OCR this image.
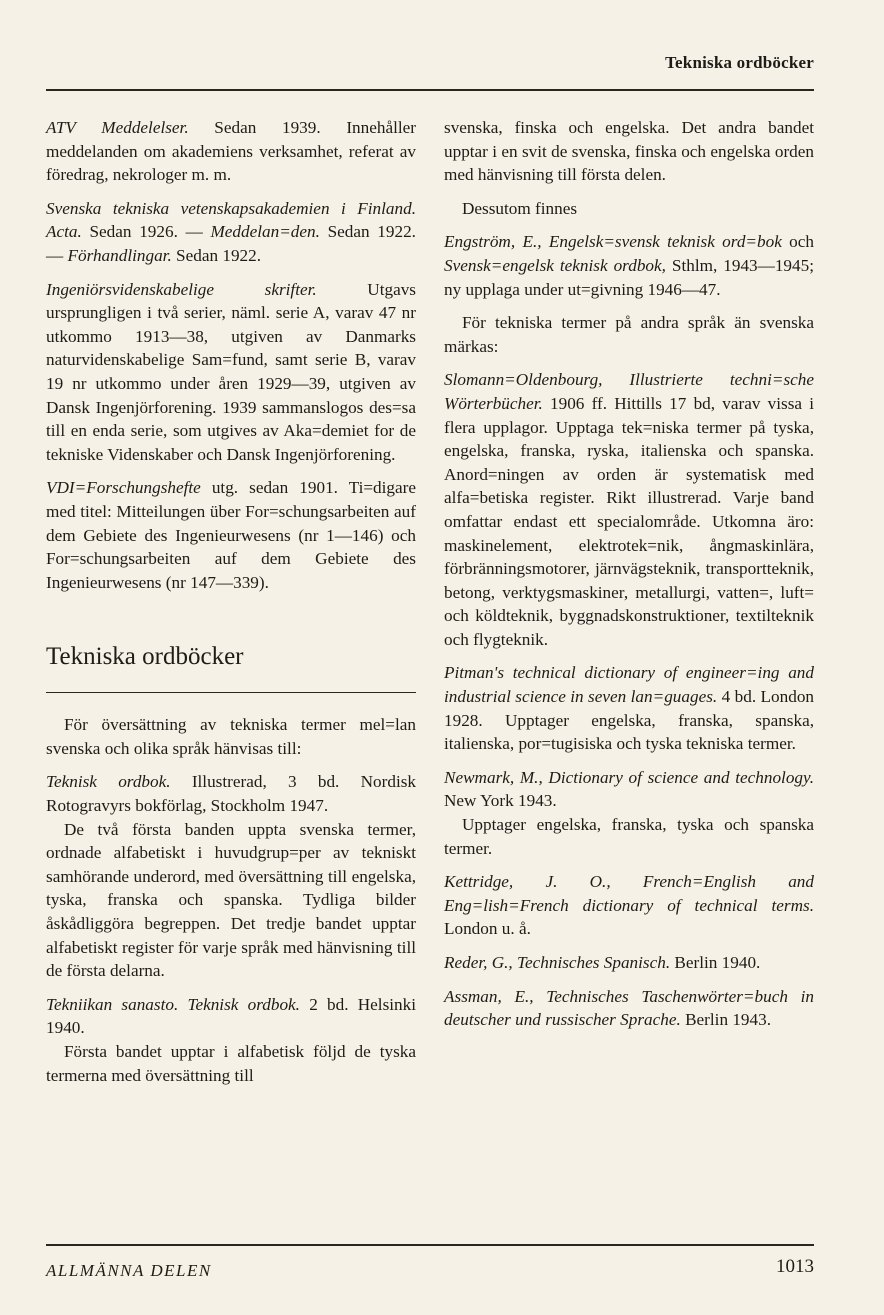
Tekniska ordböcker
ATV Meddelelser. Sedan 1939. Innehåller meddelanden om akademiens verksamhet, referat av föredrag, nekrologer m. m.
Svenska tekniska vetenskapsakademien i Finland. Acta. Sedan 1926. — Meddelan=den. Sedan 1922. — Förhandlingar. Sedan 1922.
Ingeniörsvidenskabelige skrifter. Utgavs ursprungligen i två serier, näml. serie A, varav 47 nr utkommo 1913—38, utgiven av Danmarks naturvidenskabelige Sam=fund, samt serie B, varav 19 nr utkommo under åren 1929—39, utgiven av Dansk Ingenjörforening. 1939 sammanslogos des=sa till en enda serie, som utgives av Aka=demiet for de tekniske Videnskaber och Dansk Ingenjörforening.
VDI=Forschungshefte utg. sedan 1901. Ti=digare med titel: Mitteilungen über For=schungsarbeiten auf dem Gebiete des Ingenieurwesens (nr 1—146) och For=schungsarbeiten auf dem Gebiete des Ingenieurwesens (nr 147—339).
Tekniska ordböcker
För översättning av tekniska termer mel=lan svenska och olika språk hänvisas till:

Teknisk ordbok. Illustrerad, 3 bd. Nordisk Rotogravyrs bokförlag, Stockholm 1947.

De två första banden uppta svenska termer, ordnade alfabetiskt i huvudgrup=per av tekniskt samhörande underord, med översättning till engelska, tyska, franska och spanska. Tydliga bilder åskådliggöra begreppen. Det tredje bandet upptar alfabetiskt register för varje språk med hänvisning till de första delarna.

Tekniikan sanasto. Teknisk ordbok. 2 bd. Helsinki 1940.

Första bandet upptar i alfabetisk följd de tyska termerna med översättning till

svenska, finska och engelska. Det andra bandet upptar i en svit de svenska, finska och engelska orden med hänvisning till första delen.
Dessutom finnes
Engström, E., Engelsk=svensk teknisk ord=bok och Svensk=engelsk teknisk ordbok, Sthlm, 1943—1945; ny upplaga under ut=givning 1946—47.
För tekniska termer på andra språk än svenska märkas:
Slomann=Oldenbourg, Illustrierte techni=sche Wörterbücher. 1906 ff. Hittills 17 bd, varav vissa i flera upplagor. Upptaga tek=niska termer på tyska, engelska, franska, ryska, italienska och spanska. Anord=ningen av orden är systematisk med alfa=betiska register. Rikt illustrerad. Varje band omfattar endast ett specialområde. Utkomna äro: maskinelement, elektrotek=nik, ångmaskinlära, förbränningsmotorer, järnvägsteknik, transportteknik, betong, verktygsmaskiner, metallurgi, vatten=, luft= och köldteknik, byggnadskonstruktioner, textilteknik och flygteknik.
Pitman's technical dictionary of engineer=ing and industrial science in seven lan=guages. 4 bd. London 1928. Upptager engelska, franska, spanska, italienska, por=tugisiska och tyska tekniska termer.

Newmark, M., Dictionary of science and technology. New York 1943.

Upptager engelska, franska, tyska och spanska termer.

Kettridge, J. O., French=English and Eng=lish=French dictionary of technical terms. London u. å.
Reder, G., Technisches Spanisch. Berlin 1940.
Assman, E., Technisches Taschenwörter=buch in deutscher und russischer Sprache. Berlin 1943.
ALLMÄNNA DELEN	1013
